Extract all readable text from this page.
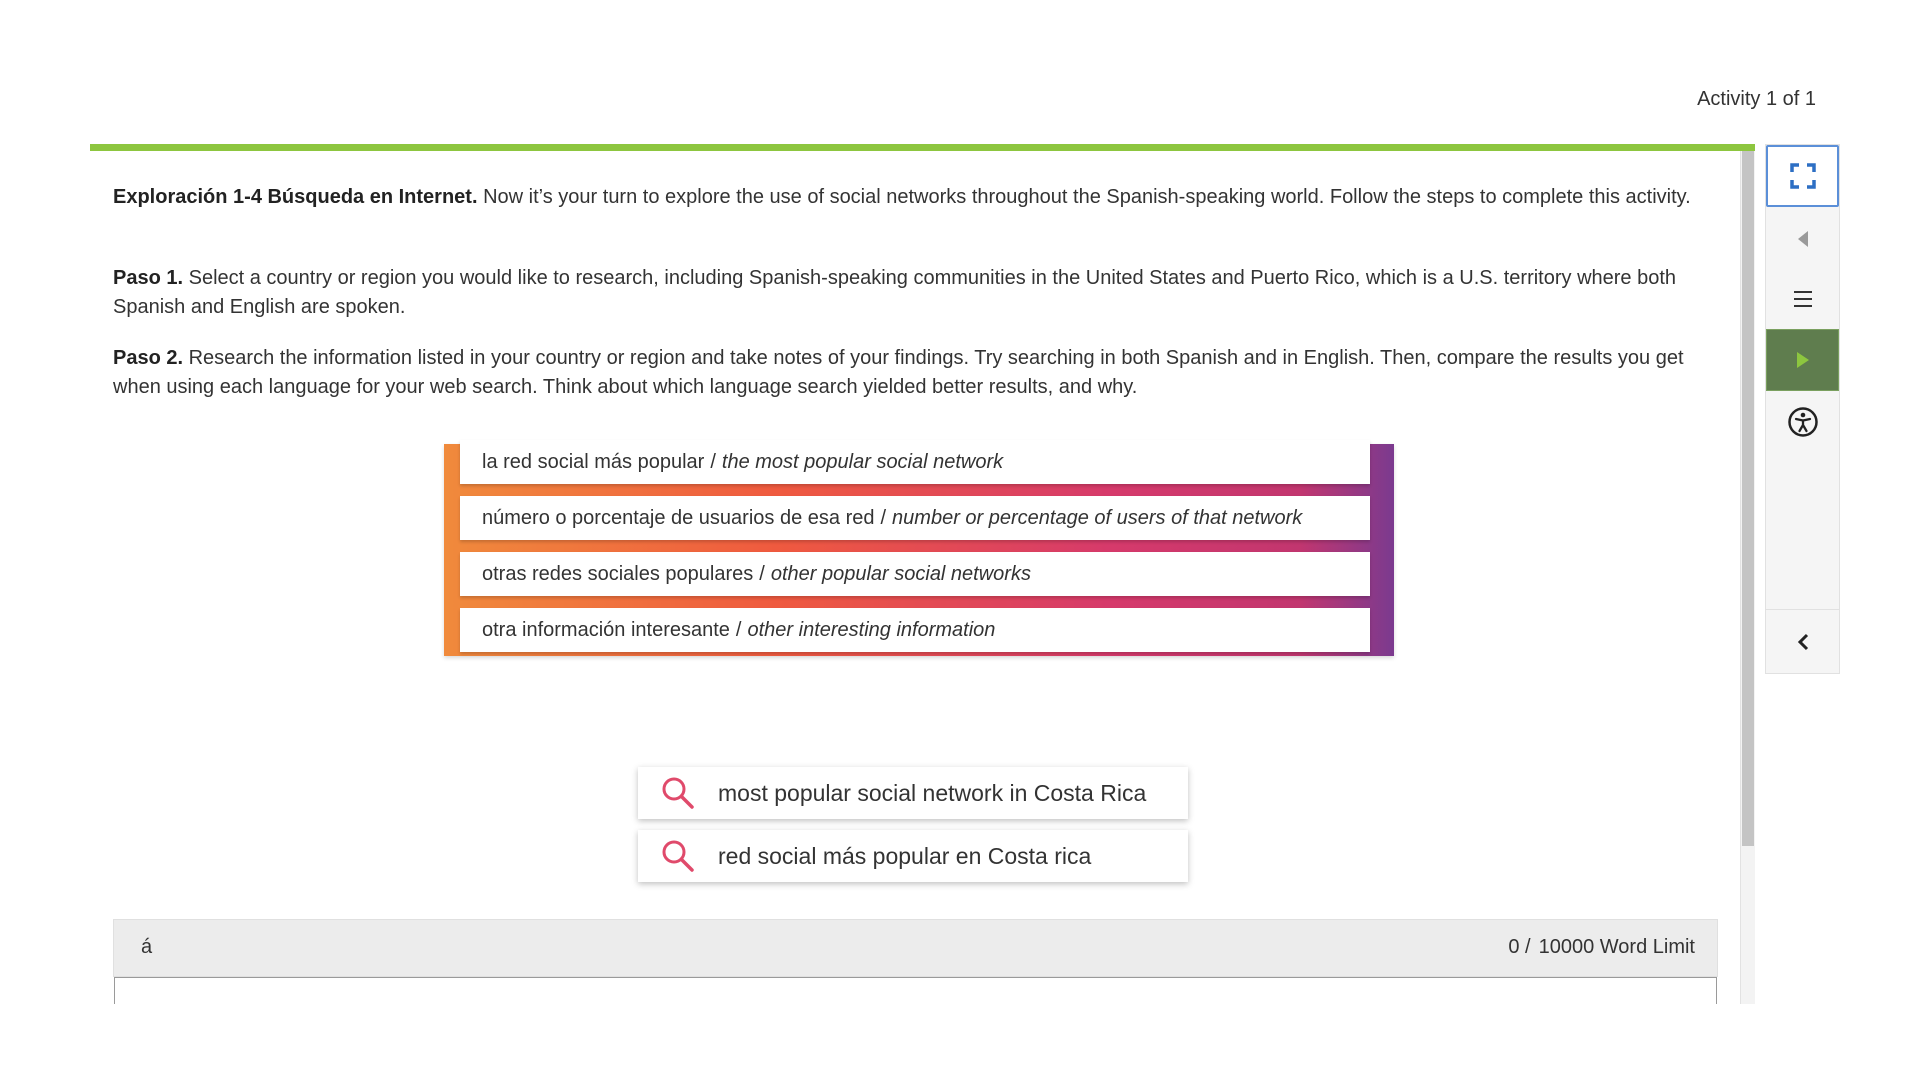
Activity 1 of 1
Exploración 1-4 Búsqueda en Internet. Now it’s your turn to explore the use of social networks throughout the Spanish-speaking world. Follow the steps to complete this activity.
Paso 1. Select a country or region you would like to research, including Spanish-speaking communities in the United States and Puerto Rico, which is a U.S. territory where both Spanish and English are spoken.
Paso 2. Research the information listed in your country or region and take notes of your findings. Try searching in both Spanish and in English. Then, compare the results you get when using each language for your web search. Think about which language search yielded better results, and why.
la red social más popular / the most popular social network
número o porcentaje de usuarios de esa red / number or percentage of users of that network
otras redes sociales populares / other popular social networks
otra información interesante / other interesting information
most popular social network in Costa Rica
red social más popular en Costa rica
á	0 / 10000 Word Limit
